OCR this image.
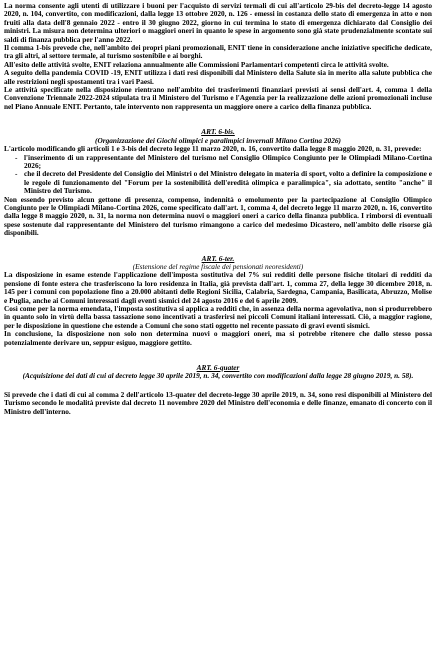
La norma consente agli utenti di utilizzare i buoni per l'acquisto di servizi termali di cui all'articolo 29-bis del decreto-legge 14 agosto 2020, n. 104, convertito, con modificazioni, dalla legge 13 ottobre 2020, n. 126 - emessi in costanza dello stato di emergenza in atto e non fruiti alla data dell'8 gennaio 2022 - entro il 30 giugno 2022, giorno in cui termina lo stato di emergenza dichiarato dal Consiglio dei ministri. La misura non determina ulteriori o maggiori oneri in quanto le spese in argomento sono già state prudenzialmente scontate sui saldi di finanza pubblica per l'anno 2022.

Il comma 1-bis prevede che, nell'ambito dei propri piani promozionali, ENIT tiene in considerazione anche iniziative specifiche dedicate, tra gli altri, al settore termale, al turismo sostenibile e ai borghi.

All'esito delle attività svolte, ENIT relaziona annualmente alle Commissioni Parlamentari competenti circa le attività svolte.

A seguito della pandemia COVID -19, ENIT utilizza i dati resi disponibili dal Ministero della Salute sia in merito alla salute pubblica che alle restrizioni negli spostamenti tra i vari Paesi.

Le attività specificate nella disposizione rientrano nell'ambito dei trasferimenti finanziari previsti ai sensi dell'art. 4, comma 1 della Convenzione Triennale 2022-2024 stipulata tra il Ministero del Turismo e l'Agenzia per la realizzazione delle azioni promozionali incluse nel Piano Annuale ENIT. Pertanto, tale intervento non rappresenta un maggiore onere a carico della finanza pubblica.

ART. 6-bis.
(Organizzazione dei Giochi olimpici e paralimpici invernali Milano Cortina 2026)

L'articolo modificando gli articoli 1 e 3-bis del decreto legge 11 marzo 2020, n. 16, convertito dalla legge 8 maggio 2020, n. 31, prevede:

- l'inserimento di un rappresentante del Ministero del turismo nel Consiglio Olimpico Congiunto per le Olimpiadi Milano-Cortina 2026;
- che il decreto del Presidente del Consiglio dei Ministri o del Ministro delegato in materia di sport, volto a definire la composizione e le regole di funzionamento del "Forum per la sostenibilità dell'eredità olimpica e paralimpica", sia adottato, sentito "anche" il Ministro del Turismo.

Non essendo previsto alcun gettone di presenza, compenso, indennità o emolumento per la partecipazione al Consiglio Olimpico Congiunto per le Olimpiadi Milano-Cortina 2026, come specificato dall'art. 1, comma 4, del decreto legge 11 marzo 2020, n. 16, convertito dalla legge 8 maggio 2020, n. 31, la norma non determina nuovi o maggiori oneri a carico della finanza pubblica. I rimborsi di eventuali spese sostenute dal rappresentante del Ministero del turismo rimangono a carico del medesimo Dicastero, nell'ambito delle risorse già disponibili.

ART. 6-ter.
(Estensione del regime fiscale dei pensionati neoresidenti)

La disposizione in esame estende l'applicazione dell'imposta sostitutiva del 7% sui redditi delle persone fisiche titolari di redditi da pensione di fonte estera che trasferiscono la loro residenza in Italia, già prevista dall'art. 1, comma 27, della legge 30 dicembre 2018, n. 145 per i comuni con popolazione fino a 20.000 abitanti delle Regioni Sicilia, Calabria, Sardegna, Campania, Basilicata, Abruzzo, Molise e Puglia, anche ai Comuni interessati dagli eventi sismici del 24 agosto 2016 e del 6 aprile 2009.

Così come per la norma emendata, l'imposta sostitutiva si applica a redditi che, in assenza della norma agevolativa, non si produrrebbero in quanto solo in virtù della bassa tassazione sono incentivati a trasferirsi nei piccoli Comuni italiani interessati. Ciò, a maggior ragione, per le disposizione in questione che estende a Comuni che sono stati oggetto nel recente passato di gravi eventi sismici.

In conclusione, la disposizione non solo non determina nuovi o maggiori oneri, ma si potrebbe ritenere che dallo stesso possa potenzialmente derivare un, seppur esiguo, maggiore gettito.

ART. 6-quater
(Acquisizione dei dati di cui al decreto legge 30 aprile 2019, n. 34, convertito con modificazioni dalla legge 28 giugno 2019, n. 58).

Si prevede che i dati di cui al comma 2 dell'articolo 13-quater del decreto-legge 30 aprile 2019, n. 34, sono resi disponibili al Ministero del Turismo secondo le modalità previste dal decreto 11 novembre 2020 del Ministro dell'economia e delle finanze, emanato di concerto con il Ministro dell'interno.
